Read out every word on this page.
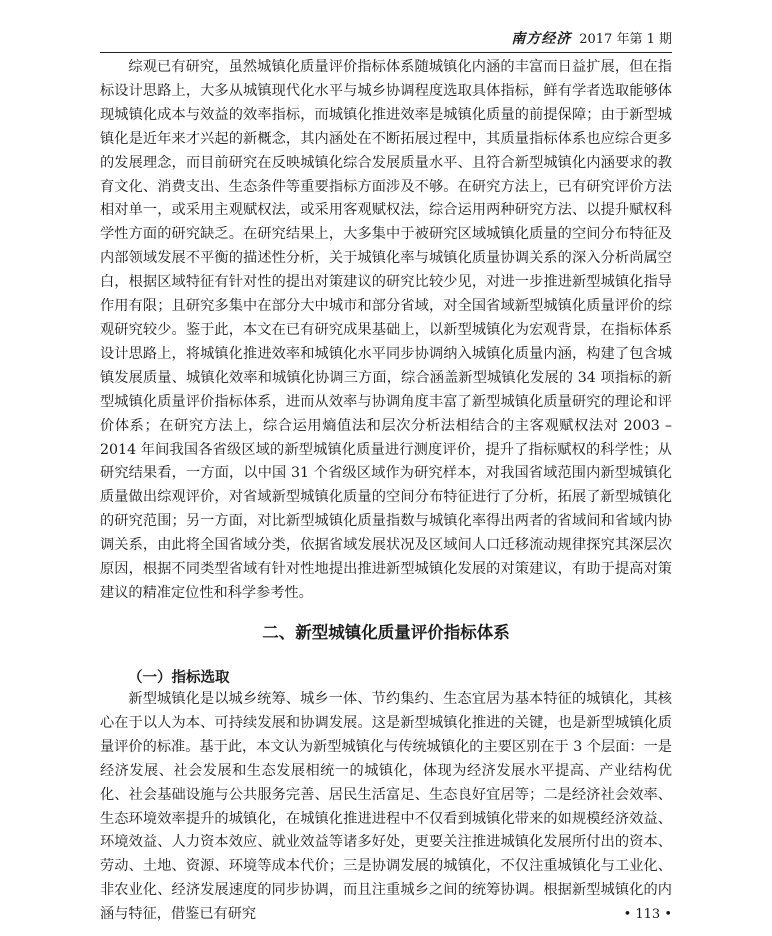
南方经济 2017 年第 1 期

综观已有研究，虽然城镇化质量评价指标体系随城镇化内涵的丰富而日益扩展，但在指标设计思路上，大多从城镇现代化水平与城乡协调程度选取具体指标，鲜有学者选取能够体现城镇化成本与效益的效率指标，而城镇化推进效率是城镇化质量的前提保障；由于新型城镇化是近年来才兴起的新概念，其内涵处在不断拓展过程中，其质量指标体系也应综合更多的发展理念，而目前研究在反映城镇化综合发展质量水平、且符合新型城镇化内涵要求的教育文化、消费支出、生态条件等重要指标方面涉及不够。在研究方法上，已有研究评价方法相对单一，或采用主观赋权法，或采用客观赋权法，综合运用两种研究方法、以提升赋权科学性方面的研究缺乏。在研究结果上，大多集中于被研究区域城镇化质量的空间分布特征及内部领域发展不平衡的描述性分析，关于城镇化率与城镇化质量协调关系的深入分析尚属空白，根据区域特征有针对性的提出对策建议的研究比较少见，对进一步推进新型城镇化指导作用有限；且研究多集中在部分大中城市和部分省域，对全国省域新型城镇化质量评价的综观研究较少。鉴于此，本文在已有研究成果基础上，以新型城镇化为宏观背景，在指标体系设计思路上，将城镇化推进效率和城镇化水平同步协调纳入城镇化质量内涵，构建了包含城镇发展质量、城镇化效率和城镇化协调三方面，综合涵盖新型城镇化发展的 34 项指标的新型城镇化质量评价指标体系，进而从效率与协调角度丰富了新型城镇化质量研究的理论和评价体系；在研究方法上，综合运用熵值法和层次分析法相结合的主客观赋权法对 2003 – 2014 年间我国各省级区域的新型城镇化质量进行测度评价，提升了指标赋权的科学性；从研究结果看，一方面，以中国 31 个省级区域作为研究样本，对我国省域范围内新型城镇化质量做出综观评价，对省域新型城镇化质量的空间分布特征进行了分析，拓展了新型城镇化的研究范围；另一方面，对比新型城镇化质量指数与城镇化率得出两者的省域间和省域内协调关系，由此将全国省域分类，依据省域发展状况及区域间人口迁移流动规律探究其深层次原因，根据不同类型省域有针对性地提出推进新型城镇化发展的对策建议，有助于提高对策建议的精准定位性和科学参考性。

二、新型城镇化质量评价指标体系
（一）指标选取

新型城镇化是以城乡统筹、城乡一体、节约集约、生态宜居为基本特征的城镇化，其核心在于以人为本、可持续发展和协调发展。这是新型城镇化推进的关键，也是新型城镇化质量评价的标准。基于此，本文认为新型城镇化与传统城镇化的主要区别在于 3 个层面：一是经济发展、社会发展和生态发展相统一的城镇化，体现为经济发展水平提高、产业结构优化、社会基础设施与公共服务完善、居民生活富足、生态良好宜居等；二是经济社会效率、生态环境效率提升的城镇化，在城镇化推进进程中不仅看到城镇化带来的如规模经济效益、环境效益、人力资本效应、就业效益等诸多好处，更要关注推进城镇化发展所付出的资本、劳动、土地、资源、环境等成本代价；三是协调发展的城镇化，不仅注重城镇化与工业化、非农业化、经济发展速度的同步协调，而且注重城乡之间的统筹协调。根据新型城镇化的内涵与特征，借鉴已有研究	• 113 •
